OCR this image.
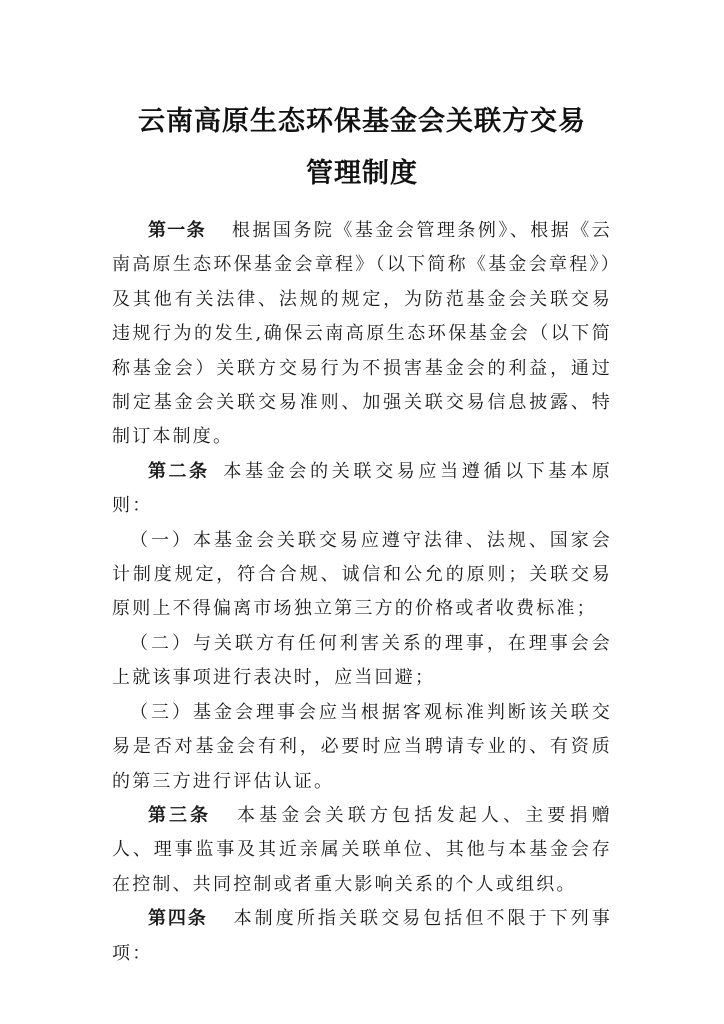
云南高原生态环保基金会关联方交易
管理制度

第一条 根据国务院《基金会管理条例》、根据《云南高原生态环保基金会章程》（以下简称《基金会章程》）及其他有关法律、法规的规定，为防范基金会关联交易违规行为的发生,确保云南高原生态环保基金会（以下简称基金会）关联方交易行为不损害基金会的利益，通过制定基金会关联交易准则、加强关联交易信息披露、特制订本制度。

第二条 本基金会的关联交易应当遵循以下基本原则：

（一）本基金会关联交易应遵守法律、法规、国家会计制度规定，符合合规、诚信和公允的原则；关联交易原则上不得偏离市场独立第三方的价格或者收费标准；

（二）与关联方有任何利害关系的理事，在理事会会上就该事项进行表决时，应当回避；

（三）基金会理事会应当根据客观标准判断该关联交易是否对基金会有利，必要时应当聘请专业的、有资质的第三方进行评估认证。

第三条 本基金会关联方包括发起人、主要捐赠人、理事监事及其近亲属关联单位、其他与本基金会存在控制、共同控制或者重大影响关系的个人或组织。

第四条 本制度所指关联交易包括但不限于下列事项：
